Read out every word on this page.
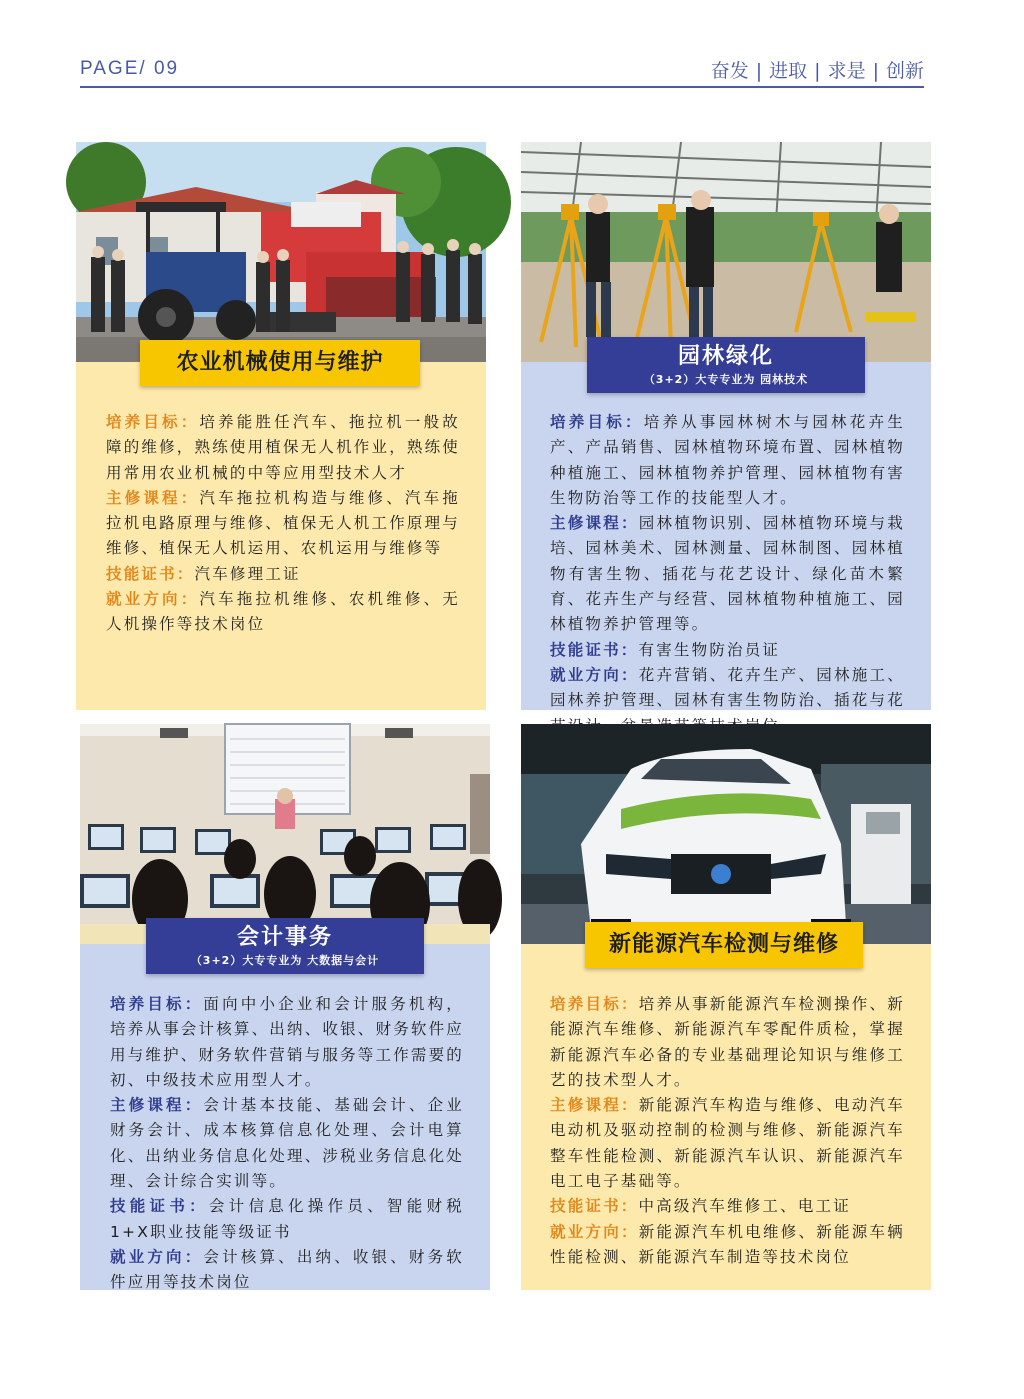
PAGE/ 09	奋发 | 进取 | 求是 | 创新
农业机械使用与维护

培养目标：培养能胜任汽车、拖拉机一般故障的维修，熟练使用植保无人机作业，熟练使用常用农业机械的中等应用型技术人才

主修课程：汽车拖拉机构造与维修、汽车拖拉机电路原理与维修、植保无人机工作原理与维修、植保无人机运用、农机运用与维修等

技能证书：汽车修理工证

就业方向：汽车拖拉机维修、农机维修、无人机操作等技术岗位

园林绿化
（3+2）大专专业为 园林技术

培养目标：培养从事园林树木与园林花卉生产、产品销售、园林植物环境布置、园林植物种植施工、园林植物养护管理、园林植物有害生物防治等工作的技能型人才。

主修课程：园林植物识别、园林植物环境与栽培、园林美术、园林测量、园林制图、园林植物有害生物、插花与花艺设计、绿化苗木繁育、花卉生产与经营、园林植物种植施工、园林植物养护管理等。

技能证书：有害生物防治员证

就业方向：花卉营销、花卉生产、园林施工、园林养护管理、园林有害生物防治、插花与花

会计事务
（3+2）大专专业为 大数据与会计

培养目标：面向中小企业和会计服务机构，培养从事会计核算、出纳、收银、财务软件应用与维护、财务软件营销与服务等工作需要的初、中级技术应用型人才。

主修课程：会计基本技能、基础会计、企业财务会计、成本核算信息化处理、会计电算化、出纳业务信息化处理、涉税业务信息化处理、会计综合实训等。

技能证书：会计信息化操作员、智能财税1+X职业技能等级证书

就业方向：会计核算、出纳、收银、财务软件应用等技术岗位

新能源汽车检测与维修

培养目标：培养从事新能源汽车检测操作、新能源汽车维修、新能源汽车零配件质检，掌握新能源汽车必备的专业基础理论知识与维修工艺的技术型人才。

主修课程：新能源汽车构造与维修、电动汽车电动机及驱动控制的检测与维修、新能源汽车整车性能检测、新能源汽车认识、新能源汽车电工电子基础等。

技能证书：中高级汽车维修工、电工证

就业方向：新能源汽车机电维修、新能源车辆性能检测、新能源汽车制造等技术岗位
